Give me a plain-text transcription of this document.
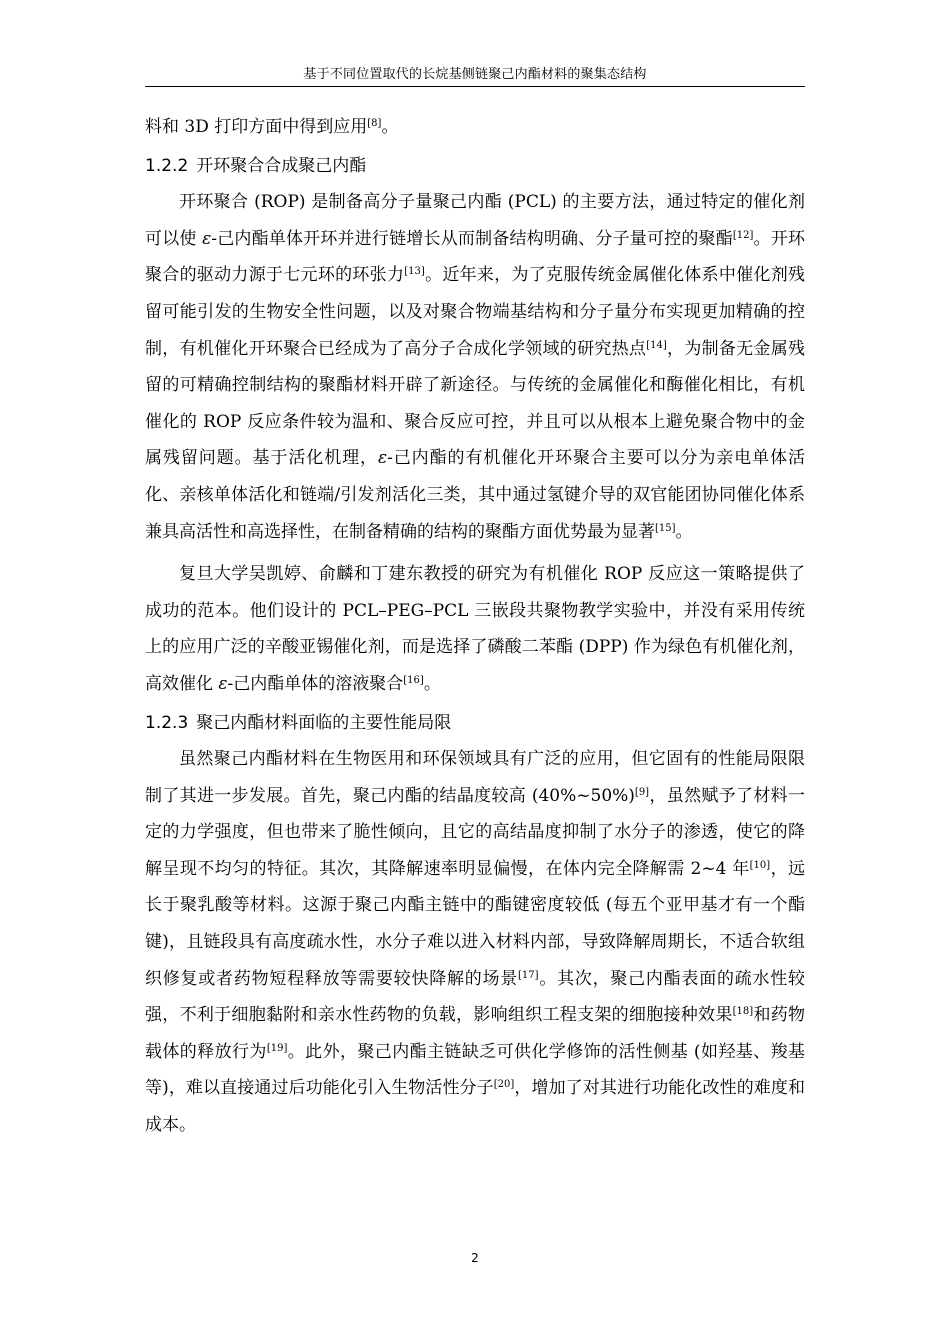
基于不同位置取代的长烷基侧链聚己内酯材料的聚集态结构

料和 3D 打印方面中得到应用[8]。

1.2.2 开环聚合合成聚己内酯

开环聚合 (ROP) 是制备高分子量聚己内酯 (PCL) 的主要方法，通过特定的催化剂可以使 ε-己内酯单体开环并进行链增长从而制备结构明确、分子量可控的聚酯[12]。开环聚合的驱动力源于七元环的环张力[13]。近年来，为了克服传统金属催化体系中催化剂残留可能引发的生物安全性问题，以及对聚合物端基结构和分子量分布实现更加精确的控制，有机催化开环聚合已经成为了高分子合成化学领域的研究热点[14]，为制备无金属残留的可精确控制结构的聚酯材料开辟了新途径。与传统的金属催化和酶催化相比，有机催化的 ROP 反应条件较为温和、聚合反应可控，并且可以从根本上避免聚合物中的金属残留问题。基于活化机理，ε-己内酯的有机催化开环聚合主要可以分为亲电单体活化、亲核单体活化和链端/引发剂活化三类，其中通过氢键介导的双官能团协同催化体系兼具高活性和高选择性，在制备精确的结构的聚酯方面优势最为显著[15]。

复旦大学吴凯婷、俞麟和丁建东教授的研究为有机催化 ROP 反应这一策略提供了成功的范本。他们设计的 PCL–PEG–PCL 三嵌段共聚物教学实验中，并没有采用传统上的应用广泛的辛酸亚锡催化剂，而是选择了磷酸二苯酯 (DPP) 作为绿色有机催化剂，高效催化 ε-己内酯单体的溶液聚合[16]。

1.2.3 聚己内酯材料面临的主要性能局限

虽然聚己内酯材料在生物医用和环保领域具有广泛的应用，但它固有的性能局限限制了其进一步发展。首先，聚己内酯的结晶度较高 (40%~50%)[9]，虽然赋予了材料一定的力学强度，但也带来了脆性倾向，且它的高结晶度抑制了水分子的渗透，使它的降解呈现不均匀的特征。其次，其降解速率明显偏慢，在体内完全降解需 2~4 年[10]，远长于聚乳酸等材料。这源于聚己内酯主链中的酯键密度较低 (每五个亚甲基才有一个酯键)，且链段具有高度疏水性，水分子难以进入材料内部，导致降解周期长，不适合软组织修复或者药物短程释放等需要较快降解的场景[17]。其次，聚己内酯表面的疏水性较强，不利于细胞黏附和亲水性药物的负载，影响组织工程支架的细胞接种效果[18]和药物载体的释放行为[19]。此外，聚己内酯主链缺乏可供化学修饰的活性侧基 (如羟基、羧基等)，难以直接通过后功能化引入生物活性分子[20]，增加了对其进行功能化改性的难度和成本。

2
